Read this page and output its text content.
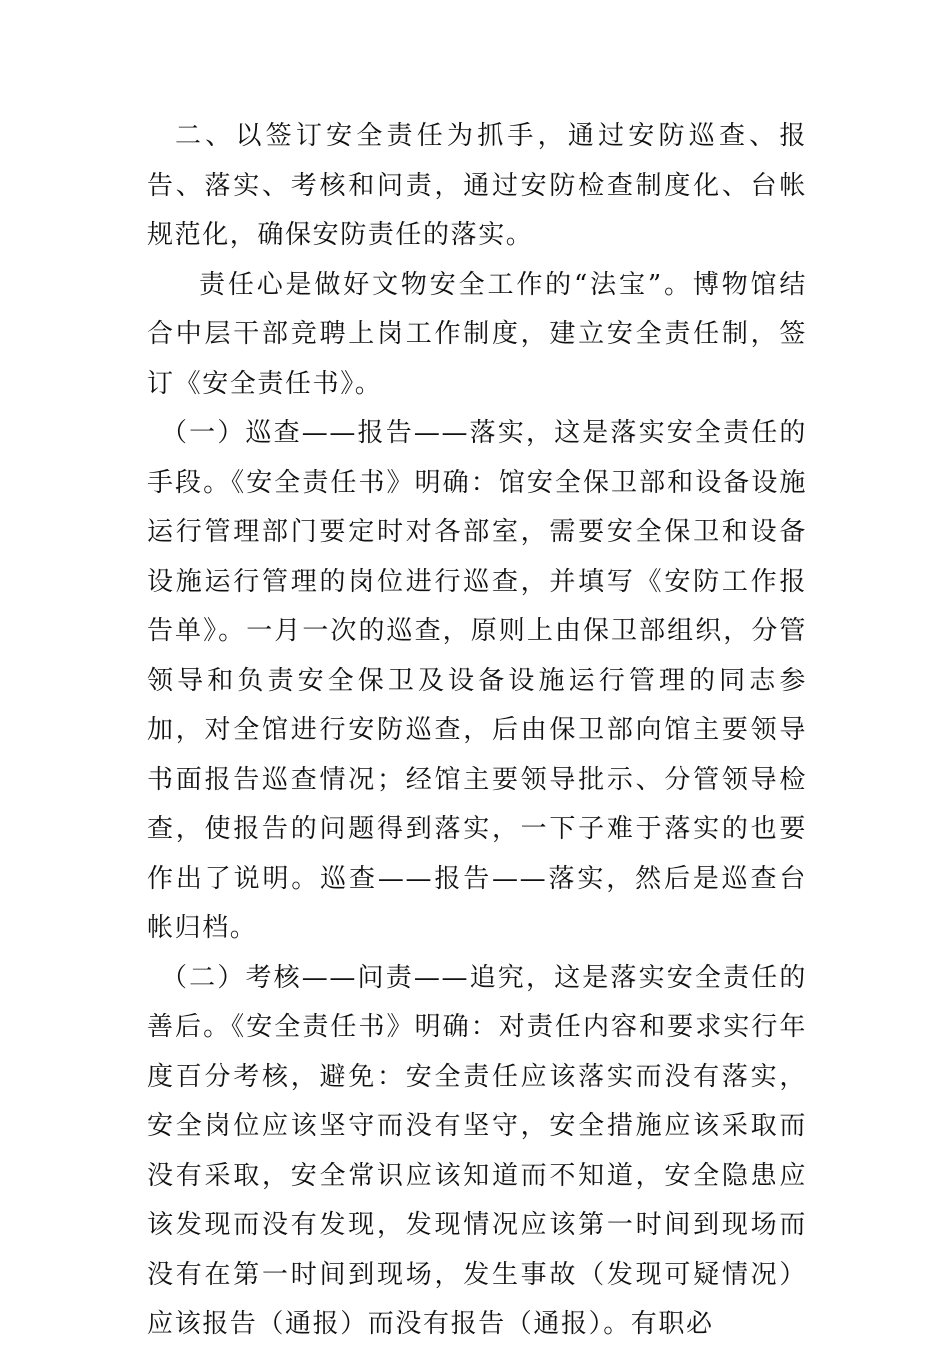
二、以签订安全责任为抓手，通过安防巡查、报告、落实、考核和问责，通过安防检查制度化、台帐规范化，确保安防责任的落实。

责任心是做好文物安全工作的“法宝”。博物馆结合中层干部竞聘上岗工作制度，建立安全责任制，签订《安全责任书》。

（一）巡查——报告——落实，这是落实安全责任的手段。《安全责任书》明确：馆安全保卫部和设备设施运行管理部门要定时对各部室，需要安全保卫和设备设施运行管理的岗位进行巡查，并填写《安防工作报告单》。一月一次的巡查，原则上由保卫部组织，分管领导和负责安全保卫及设备设施运行管理的同志参加，对全馆进行安防巡查，后由保卫部向馆主要领导书面报告巡查情况；经馆主要领导批示、分管领导检查，使报告的问题得到落实，一下子难于落实的也要作出了说明。巡查——报告——落实，然后是巡查台帐归档。

（二）考核——问责——追究，这是落实安全责任的善后。《安全责任书》明确：对责任内容和要求实行年度百分考核，避免：安全责任应该落实而没有落实，安全岗位应该坚守而没有坚守，安全措施应该采取而没有采取，安全常识应该知道而不知道，安全隐患应该发现而没有发现，发现情况应该第一时间到现场而没有在第一时间到现场，发生事故（发现可疑情况）应该报告（通报）而没有报告（通报）。有职必
